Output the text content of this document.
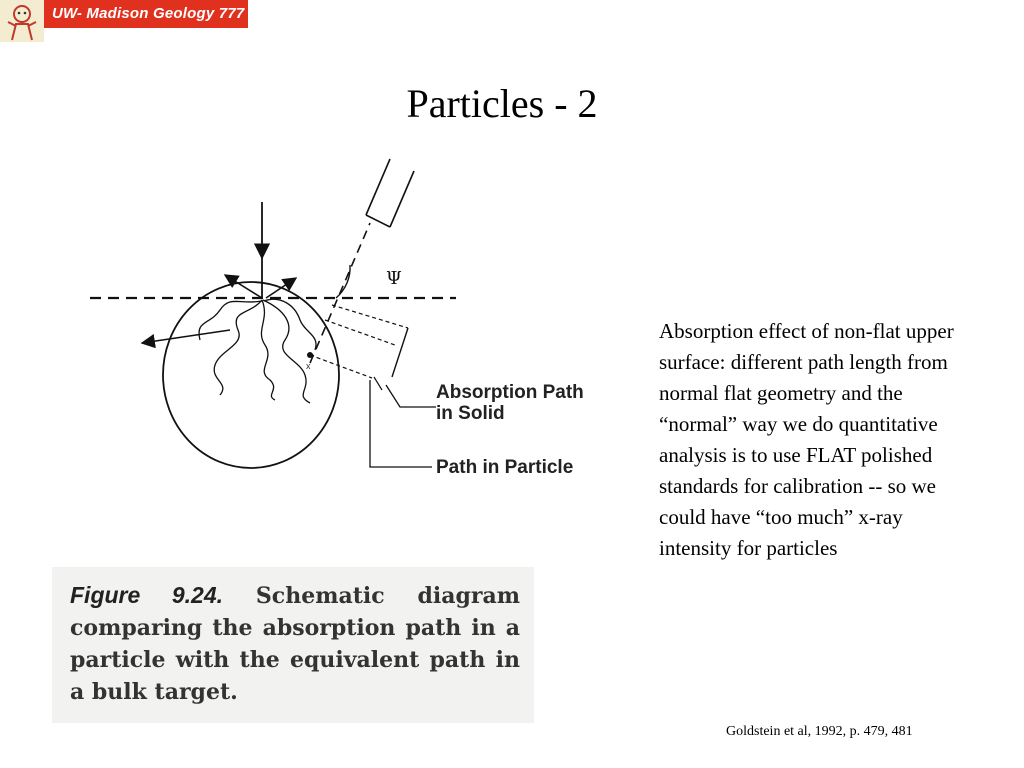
UW- Madison Geology 777
Particles - 2
Ψ
x
Absorption Path
in Solid
Path in Particle
Figure 9.24. Schematic diagram comparing the absorption path in a particle with the equivalent path in a bulk target.
Absorption effect of non-flat upper surface: different path length from normal flat geometry and the “normal” way we do quantitative analysis is to use FLAT polished standards for calibration -- so we could have “too much” x-ray intensity for particles
Goldstein et al, 1992, p. 479, 481
